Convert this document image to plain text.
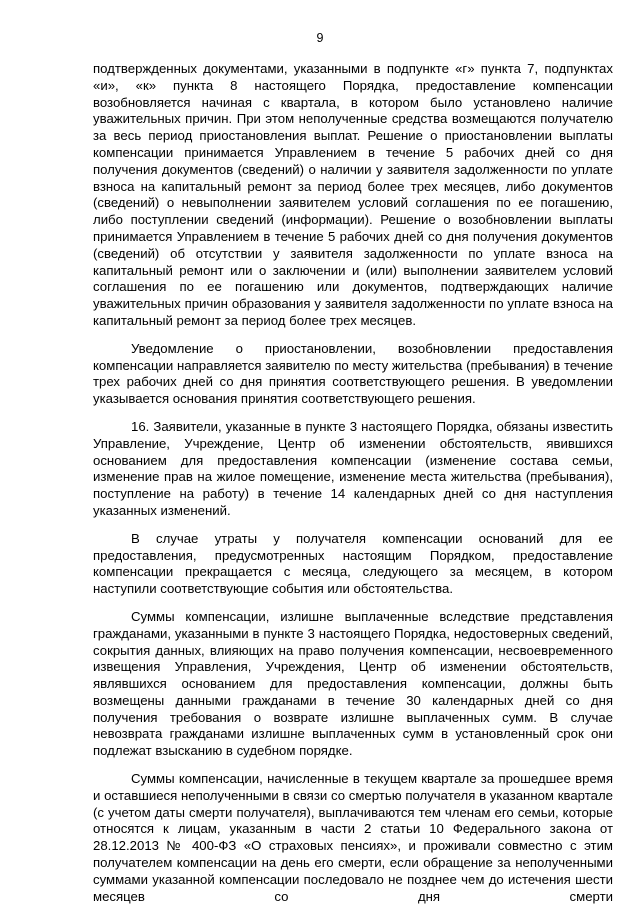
9

подтвержденных документами, указанными в подпункте «г» пункта 7, подпунктах «и», «к» пункта 8 настоящего Порядка, предоставление компенсации возобновляется начиная с квартала, в котором было установлено наличие уважительных причин. При этом неполученные средства возмещаются получателю за весь период приостановления выплат. Решение о приостановлении выплаты компенсации принимается Управлением в течение 5 рабочих дней со дня получения документов (сведений) о наличии у заявителя задолженности по уплате взноса на капитальный ремонт за период более трех месяцев, либо документов (сведений) о невыполнении заявителем условий соглашения по ее погашению, либо поступлении сведений (информации). Решение о возобновлении выплаты принимается Управлением в течение 5 рабочих дней со дня получения документов (сведений) об отсутствии у заявителя задолженности по уплате взноса на капитальный ремонт или о заключении и (или) выполнении заявителем условий соглашения по ее погашению или документов, подтверждающих наличие уважительных причин образования у заявителя задолженности по уплате взноса на капитальный ремонт за период более трех месяцев.

Уведомление о приостановлении, возобновлении предоставления компенсации направляется заявителю по месту жительства (пребывания) в течение трех рабочих дней со дня принятия соответствующего решения. В уведомлении указывается основания принятия соответствующего решения.

16. Заявители, указанные в пункте 3 настоящего Порядка, обязаны известить Управление, Учреждение, Центр об изменении обстоятельств, явившихся основанием для предоставления компенсации (изменение состава семьи, изменение прав на жилое помещение, изменение места жительства (пребывания), поступление на работу) в течение 14 календарных дней со дня наступления указанных изменений.

В случае утраты у получателя компенсации оснований для ее предоставления, предусмотренных настоящим Порядком, предоставление компенсации прекращается с месяца, следующего за месяцем, в котором наступили соответствующие события или обстоятельства.

Суммы компенсации, излишне выплаченные вследствие представления гражданами, указанными в пункте 3 настоящего Порядка, недостоверных сведений, сокрытия данных, влияющих на право получения компенсации, несвоевременного извещения Управления, Учреждения, Центр об изменении обстоятельств, являвшихся основанием для предоставления компенсации, должны быть возмещены данными гражданами в течение 30 календарных дней со дня получения требования о возврате излишне выплаченных сумм. В случае невозврата гражданами излишне выплаченных сумм в установленный срок они подлежат взысканию в судебном порядке.

Суммы компенсации, начисленные в текущем квартале за прошедшее время и оставшиеся неполученными в связи со смертью получателя в указанном квартале (с учетом даты смерти получателя), выплачиваются тем членам его семьи, которые относятся к лицам, указанным в части 2 статьи 10 Федерального закона от 28.12.2013 № 400-ФЗ «О страховых пенсиях», и проживали совместно с этим получателем компенсации на день его смерти, если обращение за неполученными суммами указанной компенсации последовало не позднее чем до истечения шести месяцев со дня смерти
